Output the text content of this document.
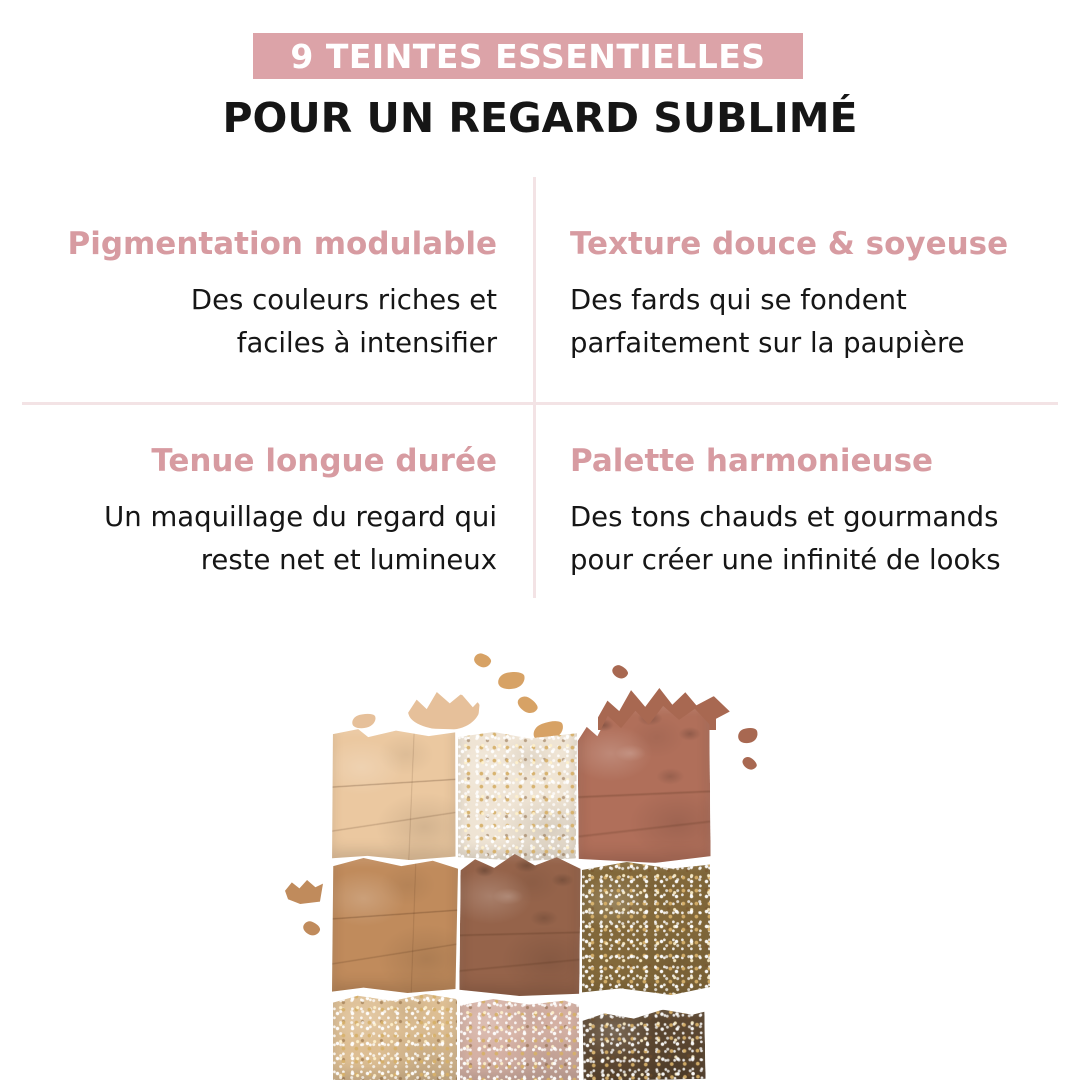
9 TEINTES ESSENTIELLES
POUR UN REGARD SUBLIMÉ
Pigmentation modulable
Des couleurs riches et
faciles à intensifier
Texture douce & soyeuse
Des fards qui se fondent
parfaitement sur la paupière
Tenue longue durée
Un maquillage du regard qui
reste net et lumineux
Palette harmonieuse
Des tons chauds et gourmands
pour créer une infinité de looks
